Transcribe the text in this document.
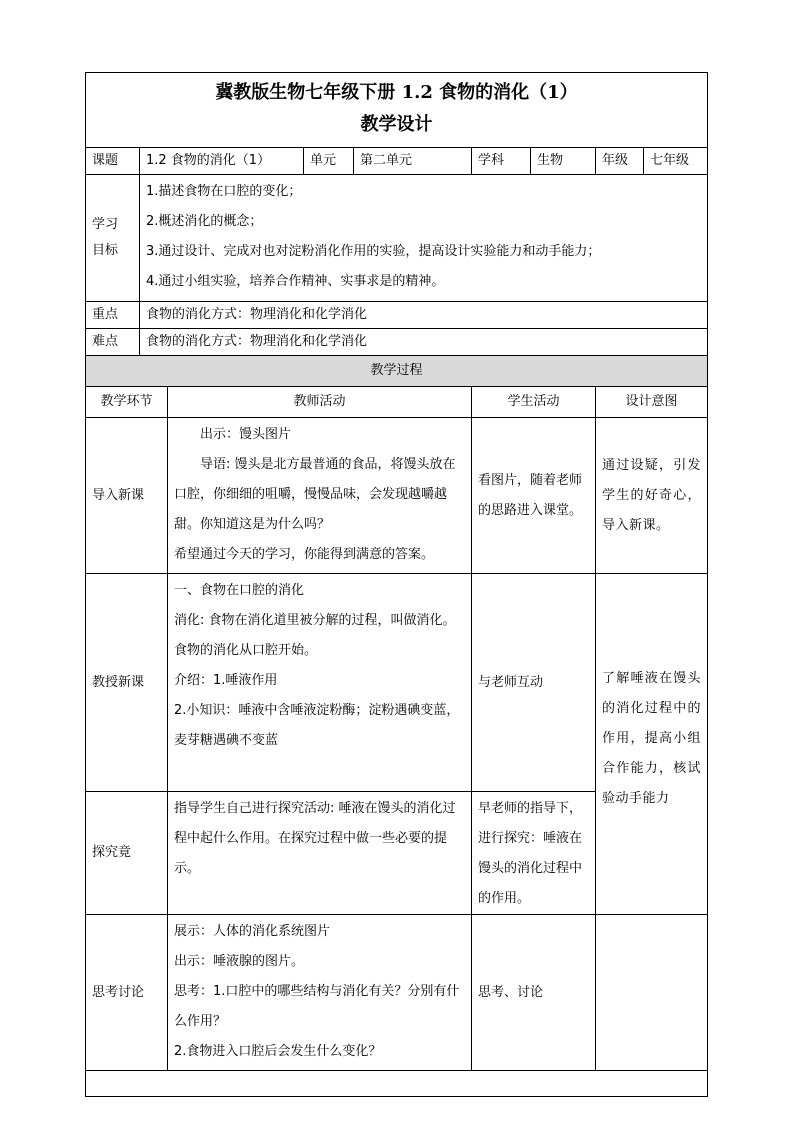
冀教版生物七年级下册 1.2 食物的消化（1）
教学设计								

课题	1.2 食物的消化（1）		单元	第二单元	学科	生物	年级	七年级

学习
目标	1.描述食物在口腔的变化；
2.概述消化的概念；
3.通过设计、完成对也对淀粉消化作用的实验，提高设计实验能力和动手能力；
4.通过小组实验，培养合作精神、实事求是的精神。							

重点	食物的消化方式：物理消化和化学消化							
难点	食物的消化方式：物理消化和化学消化							
教学过程								
教学环节		教师活动			学生活动		设计意图	
导入新课		出示：馒头图片
导语: 馒头是北方最普通的食品，将馒头放在口腔，你细细的咀嚼，慢慢品味，会发现越嚼越甜。你知道这是为什么吗？
希望通过今天的学习，你能得到满意的答案。			看图片，随着老师的思路进入课堂。		通过设疑，引发学生的好奇心，导入新课。	
教授新课		一、食物在口腔的消化
消化: 食物在消化道里被分解的过程，叫做消化。
食物的消化从口腔开始。
介绍：1.唾液作用
2.小知识：唾液中含唾液淀粉酶；淀粉遇碘变蓝，麦芽糖遇碘不变蓝			与老师互动		了解唾液在馒头的消化过程中的作用，提高小组合作能力，核试验动手能力	
探究竟		指导学生自己进行探究活动: 唾液在馒头的消化过程中起什么作用。在探究过程中做一些必要的提示。			早老师的指导下，进行探究：唾液在馒头的消化过程中的作用。			
思考讨论		展示：人体的消化系统图片
出示：唾液腺的图片。
思考：1.口腔中的哪些结构与消化有关？分别有什么作用？
2.食物进入口腔后会发生什么变化？			思考、讨论			
